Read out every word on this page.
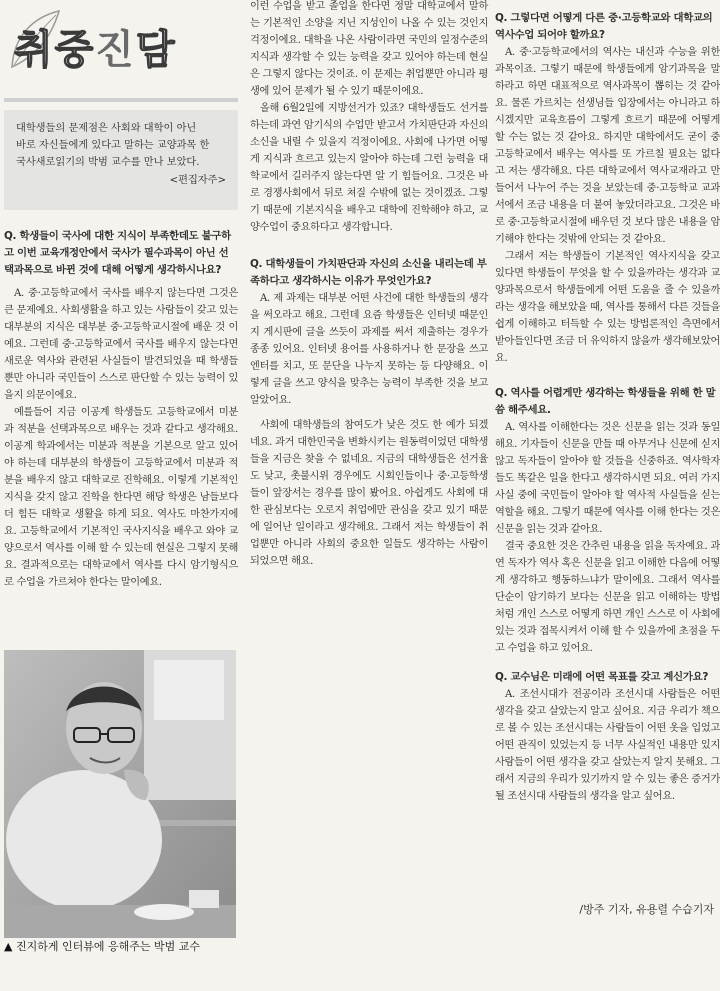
취중진담
대학생들의 문제점은 사회와 대학이 아닌
바로 자신들에게 있다고 말하는 교양과목 한
국사새로읽기의 박범 교수를 만나 보았다.
<편집자주>

Q. 학생들이 국사에 대한 지식이 부족한데도 불구하고 이번 교육개정안에서 국사가 필수과목이 아닌 선택과목으로 바뀐 것에 대해 어떻게 생각하시나요?

A. 중·고등학교에서 국사를 배우지 않는다면 그것은 큰 문제예요. 사회생활을 하고 있는 사람들이 갖고 있는 대부분의 지식은 대부분 중·고등학교시절에 배운 것 이예요. 그런데 중·고등학교에서 국사를 배우지 않는다면 새로운 역사와 관련된 사실들이 발견되었을 때 학생들뿐만 아니라 국민들이 스스로 판단할 수 있는 능력이 있을지 의문이에요.

예를들어 지금 이공계 학생들도 고등학교에서 미분과 적분을 선택과목으로 배우는 것과 같다고 생각해요. 이공계 학과에서는 미분과 적분을 기본으로 알고 있어야 하는데 대부분의 학생들이 고등학교에서 미분과 적분을 배우지 않고 대학교로 진학해요. 이렇게 기본적인 지식을 갖지 않고 진학을 한다면 해당 학생은 남들보다 더 힘든 대학교 생활을 하게 되요. 역사도 마찬가지에요. 고등학교에서 기본적인 국사지식을 배우고 와야 교양으로서 역사를 이해 할 수 있는데 현실은 그렇지 못해요. 결과적으로는 대학교에서 역사를 다시 암기형식으로 수업을 가르쳐야 한다는 말이예요.

▲ 진지하게 인터뷰에 응해주는 박범 교수

이런 수업을 받고 졸업을 한다면 정말 대학교에서 말하는 기본적인 소양을 지닌 지성인이 나올 수 있는 것인지 걱정이에요. 대학을 나온 사람이라면 국민의 일정수준의 지식과 생각할 수 있는 능력을 갖고 있어야 하는데 현실은 그렇지 않다는 것이죠. 이 문제는 취업뿐만 아니라 평생에 있어 문제가 될 수 있기 때문이에요.

올해 6월2일에 지방선거가 있죠? 대학생들도 선거를 하는데 과연 암기식의 수업만 받고서 가치판단과 자신의 소신을 내릴 수 있을지 걱정이에요. 사회에 나가면 어떻게 지식과 흐르고 있는지 알아야 하는데 그런 능력을 대학교에서 길러주지 않는다면 알 기 힘들어요. 그것은 바로 경쟁사회에서 뒤로 쳐질 수밖에 없는 것이겠죠. 그렇기 때문에 기본지식을 배우고 대학에 진학해야 하고, 교양수업이 중요하다고 생각합니다.

Q. 대학생들이 가치판단과 자신의 소신을 내리는데 부족하다고 생각하시는 이유가 무엇인가요?

A. 제 과제는 대부분 어떤 사건에 대한 학생들의 생각을 써오라고 해요. 그런데 요즘 학생들은 인터넷 때문인지 게시판에 글을 쓰듯이 과제를 써서 제출하는 경우가 종종 있어요. 인터넷 용어를 사용하거나 한 문장을 쓰고 엔터를 치고, 또 문단을 나누지 못하는 등 다양해요. 이렇게 글을 쓰고 양식을 맞추는 능력이 부족한 것을 보고 알았어요.

사회에 대학생들의 참여도가 낮은 것도 한 예가 되겠네요. 과거 대한민국을 변화시키는 원동력이었던 대학생들을 지금은 찾을 수 없네요. 지금의 대학생들은 선거율도 낮고, 촛불시위 경우에도 시회인들이나 중·고등학생들이 앞장서는 경우를 많이 봤어요. 아쉽게도 사회에 대한 관심보다는 오로지 취업에만 관심을 갖고 있기 때문에 일어난 일이라고 생각해요. 그래서 저는 학생들이 취업뿐만 아니라 사회의 중요한 일들도 생각하는 사람이 되었으면 해요.

Q. 그렇다면 어떻게 다른 중·고등학교와 대학교의 역사수업 되어야 할까요?

A. 중·고등학교에서의 역사는 내신과 수능을 위한 과목이죠. 그렇기 때문에 학생들에게 암기과목을 말하라고 하면 대표적으로 역사과목이 뽑히는 것 같아요. 물론 가르치는 선생님들 입장에서는 아니라고 하시겠지만 교육흐름이 그렇게 흐르기 때문에 어떻게 할 수는 없는 것 같아요. 하지만 대학에서도 굳이 중고등학교에서 배우는 역사를 또 가르칠 필요는 없다고 저는 생각해요. 다른 대학교에서 역사교재라고 만들어서 나누어 주는 것을 보았는데 중·고등학교 교과서에서 조금 내용을 더 붙여 놓았더라고요. 그것은 바로 중·고등학교시절에 배우던 것 보다 많은 내용을 암기해야 한다는 것밖에 안되는 것 같아요.

그래서 저는 학생들이 기본적인 역사지식을 갖고 있다면 학생들이 무엇을 할 수 있을까라는 생각과 교양과목으로서 학생들에게 어떤 도움을 줄 수 있을까라는 생각을 해보았을 때, 역사를 통해서 다른 것들을 쉽게 이해하고 터득할 수 있는 방법론적인 측면에서 받아들인다면 조금 더 유익하지 않을까 생각해보았어요.

Q. 역사를 어렵게만 생각하는 학생들을 위해 한 말씀 해주세요.

A. 역사를 이해한다는 것은 신문을 읽는 것과 동일해요. 기자들이 신문을 만들 때 아무거나 신문에 싣지 않고 독자들이 알아야 할 것들을 신중하죠. 역사학자들도 똑같은 일을 한다고 생각하시면 되요. 여러 가지 사실 중에 국민들이 알아야 할 역사적 사실들을 싣는 역할을 해요. 그렇기 때문에 역사를 이해 한다는 것은 신문을 읽는 것과 같아요.

결국 중요한 것은 간추린 내용을 읽을 독자예요. 과연 독자가 역사 혹은 신문을 읽고 이해한 다음에 어떻게 생각하고 행동하느냐가 말이에요. 그래서 역사를 단순이 암기하기 보다는 신문을 읽고 이해하는 방법처럼 개인 스스로 어떻게 하면 개인 스스로 이 사회에 있는 것과 접목시켜서 이해 할 수 있을까에 초점을 두고 수업을 하고 있어요.

Q. 교수님은 미래에 어떤 목표를 갖고 계신가요?

A. 조선시대가 전공이라 조선시대 사람들은 어떤 생각을 갖고 살았는지 알고 싶어요. 지금 우리가 책으로 볼 수 있는 조선시대는 사람들이 어떤 옷을 입었고 어떤 관직이 있었는지 등 너무 사실적인 내용만 있지 사람들이 어떤 생각을 갖고 살았는지 알지 못해요. 그래서 지금의 우리가 있기까지 알 수 있는 좋은 증거가 될 조선시대 사람들의 생각을 알고 싶어요.

/방주 기자, 유용렬 수습기자
